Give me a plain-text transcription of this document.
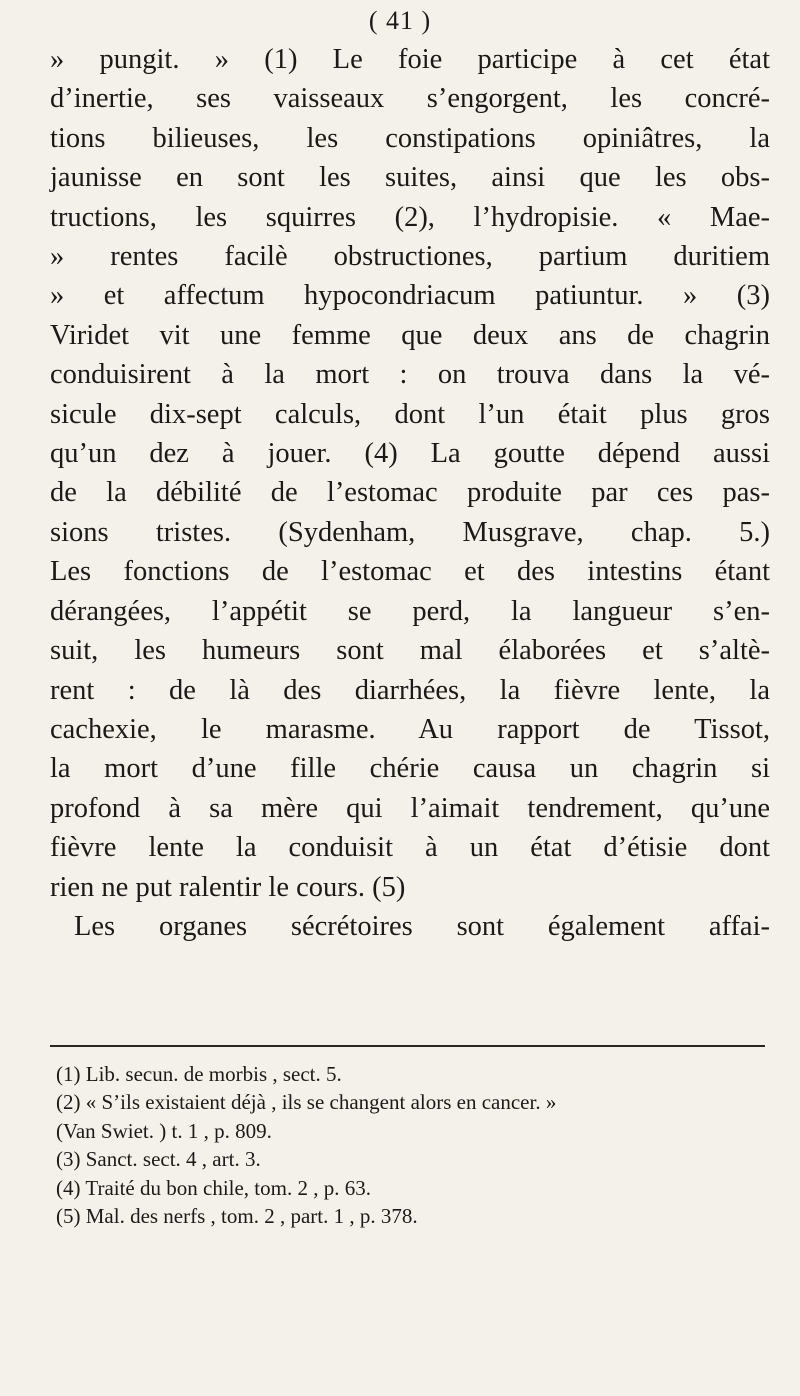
( 41 )
» pungit. » (1) Le foie participe à cet état
d’inertie, ses vaisseaux s’engorgent, les concré-
tions bilieuses, les constipations opiniâtres, la
jaunisse en sont les suites, ainsi que les obs-
tructions, les squirres (2), l’hydropisie. « Mae-
» rentes facilè obstructiones, partium duritiem
» et affectum hypocondriacum patiuntur. » (3)
Viridet vit une femme que deux ans de chagrin
conduisirent à la mort : on trouva dans la vé-
sicule dix-sept calculs, dont l’un était plus gros
qu’un dez à jouer. (4) La goutte dépend aussi
de la débilité de l’estomac produite par ces pas-
sions tristes. (Sydenham, Musgrave, chap. 5.)
Les fonctions de l’estomac et des intestins étant
dérangées, l’appétit se perd, la langueur s’en-
suit, les humeurs sont mal élaborées et s’altè-
rent : de là des diarrhées, la fièvre lente, la
cachexie, le marasme. Au rapport de Tissot,
la mort d’une fille chérie causa un chagrin si
profond à sa mère qui l’aimait tendrement, qu’une
fièvre lente la conduisit à un état d’étisie dont
rien ne put ralentir le cours. (5)
Les organes sécrétoires sont également affai-
(1) Lib. secun. de morbis , sect. 5.
(2) « S’ils existaient déjà , ils se changent alors en cancer. »
(Van Swiet. ) t. 1 , p. 809.
(3) Sanct. sect. 4 , art. 3.
(4) Traité du bon chile, tom. 2 , p. 63.
(5) Mal. des nerfs , tom. 2 , part. 1 , p. 378.
